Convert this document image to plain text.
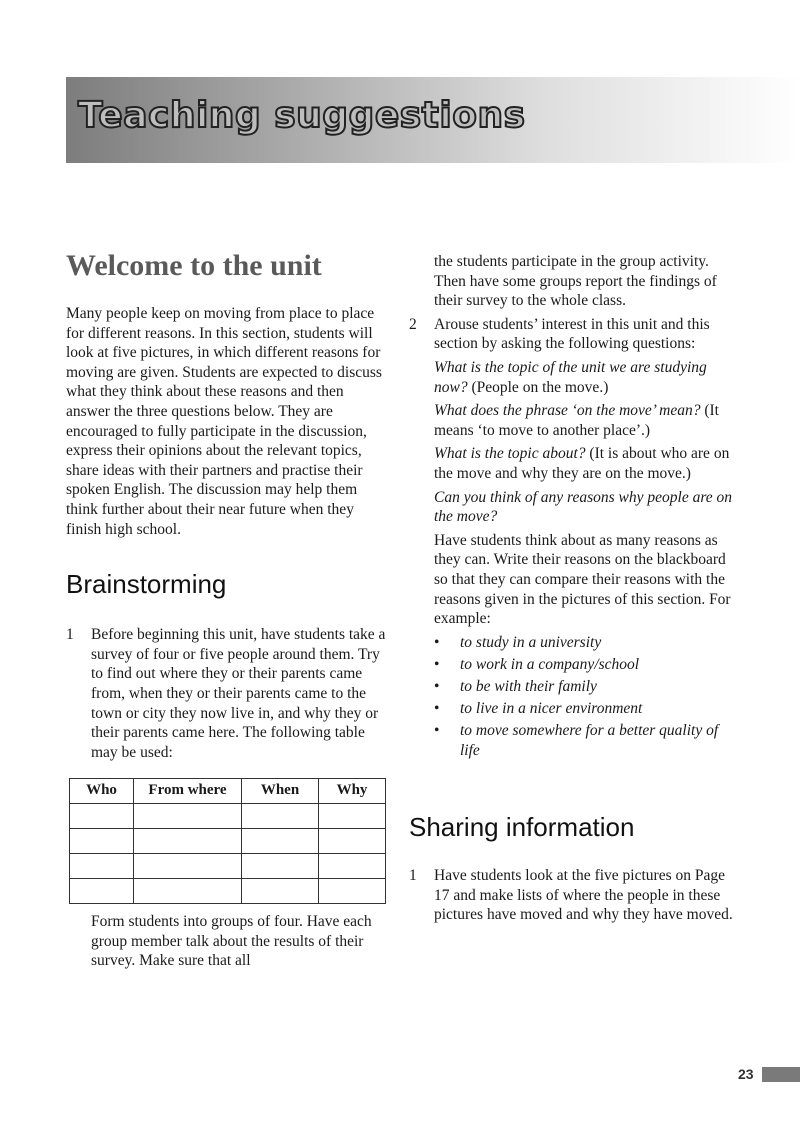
Teaching suggestions
Welcome to the unit

Many people keep on moving from place to place for different reasons. In this section, students will look at five pictures, in which different reasons for moving are given. Students are expected to discuss what they think about these reasons and then answer the three questions below. They are encouraged to fully participate in the discussion, express their opinions about the relevant topics, share ideas with their partners and practise their spoken English. The discussion may help them think further about their near future when they finish high school.

Brainstorming
1	Before beginning this unit, have students take a survey of four or five people around them. Try to find out where they or their parents came from, when they or their parents came to the town or city they now live in, and why they or their parents came here. The following table may be used:
Who	From where	When	Why

Form students into groups of four. Have each group member talk about the results of their survey. Make sure that all

the students participate in the group activity. Then have some groups report the findings of their survey to the whole class.

2	Arouse students’ interest in this unit and this section by asking the following questions:

What is the topic of the unit we are studying now? (People on the move.)

What does the phrase ‘on the move’ mean? (It means ‘to move to another place’.)

What is the topic about? (It is about who are on the move and why they are on the move.)

Can you think of any reasons why people are on the move?

Have students think about as many reasons as they can. Write their reasons on the blackboard so that they can compare their reasons with the reasons given in the pictures of this section. For example:

• to study in a university
• to work in a company/school
• to be with their family
• to live in a nicer environment
• to move somewhere for a better quality of life
Sharing information
1	Have students look at the five pictures on Page 17 and make lists of where the people in these pictures have moved and why they have moved.
23
